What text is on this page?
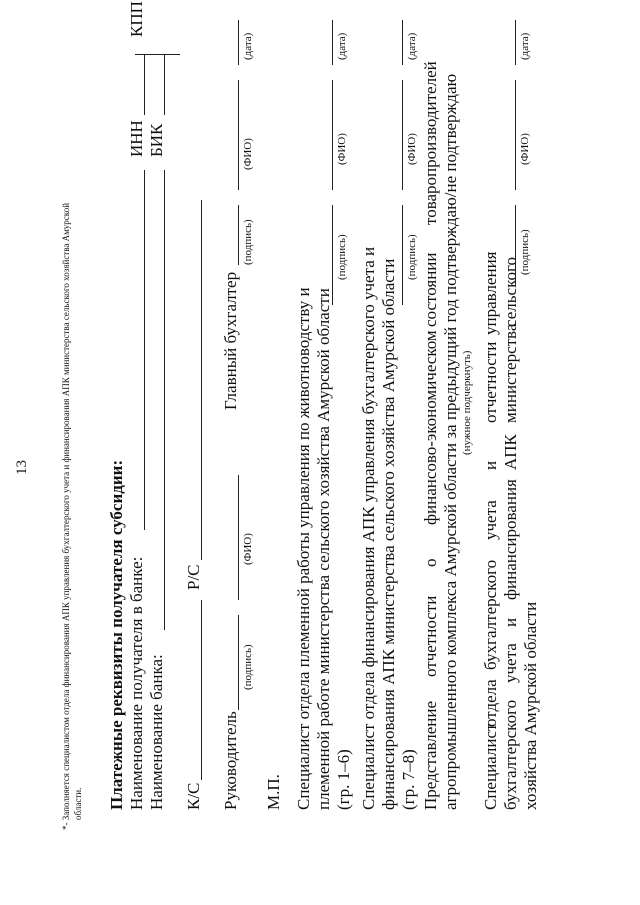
13	*- Заполняется специалистом отдела финансирования АПК управления бухгалтерского учета и финансирования АПК министерства сельского хозяйства Амурской области. Платежные реквизиты получателя субсидии: Наименование получателя в банке:
ИНН
КПП
Наименование банка:
БИК
К/С
Р/С
Руководитель
(подпись)
(ФИО)
Главный бухгалтер
(подпись)
(ФИО)
(дата)
М.П. Специалист отдела племенной работы управления по животноводству и племенной работе министерства сельского хозяйства Амурской области (гр. 1–6)
(подпись)
(ФИО)
(дата)
Специалист отдела финансирования АПК управления бухгалтерского учета и финансирования АПК министерства сельского хозяйства Амурской области (гр. 7–8)
(подпись)
(ФИО)
(дата)
Представление
отчетности
о
финансово-экономическом
состоянии
товаропроизводителей агропромышленного комплекса Амурской области за предыдущий год подтверждаю/не подтверждаю (нужное подчеркнуть)
Специалист
отдела
бухгалтерского
учета
и
отчетности
управления
бухгалтерского
учета
и
финансирования
АПК
министерства
сельского
хозяйства Амурской области
(подпись)
(ФИО)
(дата)
